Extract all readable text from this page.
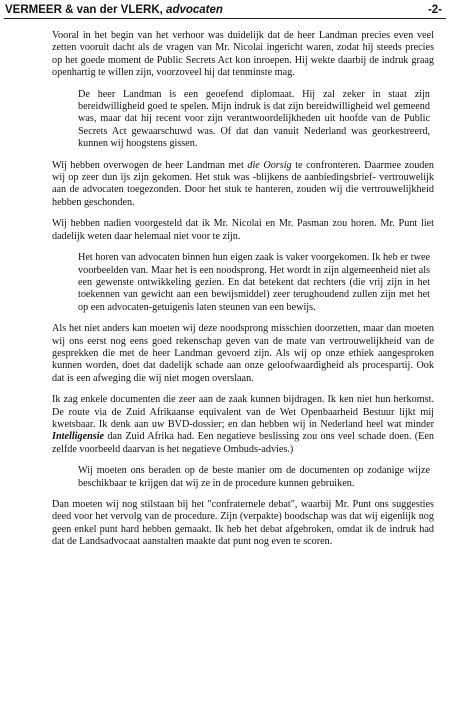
VERMEER & van der VLERK, advocaten	-2-

Vooral in het begin van het verhoor was duidelijk dat de heer Landman precies even veel zetten vooruit dacht als de vragen van Mr. Nicolai ingericht waren, zodat hij steeds precies op het goede moment de Public Secrets Act kon inroepen. Hij wekte daarbij de indruk graag openhartig te willen zijn, voorzoveel hij dat tenminste mag.

De heer Landman is een geoefend diplomaat. Hij zal zeker in staat zijn bereidwilligheid goed te spelen. Mijn indruk is dat zijn bereidwilligheid wel gemeend was, maar dat hij recent voor zijn verantwoordelijkheden uit hoofde van de Public Secrets Act gewaarschuwd was. Of dat dan vanuit Nederland was georkestreerd, kunnen wij hoogstens gissen.

Wij hebben overwogen de heer Landman met die Oorsig te confronteren. Daarmee zouden wij op zeer dun ijs zijn gekomen. Het stuk was -blijkens de aanbiedingsbrief- vertrouwelijk aan de advocaten toegezonden. Door het stuk te hanteren, zouden wij die vertrouwelijkheid hebben geschonden.

Wij hebben nadien voorgesteld dat ik Mr. Nicolai en Mr. Pasman zou horen. Mr. Punt liet dadelijk weten daar helemaal niet voor te zijn.

Het horen van advocaten binnen hun eigen zaak is vaker voorgekomen. Ik heb er twee voorbeelden van. Maar het is een noodsprong. Het wordt in zijn algemeenheid niet als een gewenste ontwikkeling gezien. En dat betekent dat rechters (die vrij zijn in het toekennen van gewicht aan een bewijsmiddel) zeer terughoudend zullen zijn met het op een advocaten-getuigenis laten steunen van een bewijs.

Als het niet anders kan moeten wij deze noodsprong misschien doorzetten, maar dan moeten wij ons eerst nog eens goed rekenschap geven van de mate van vertrouwelijkheid van de gesprekken die met de heer Landman gevoerd zijn. Als wij op onze ethiek aangesproken kunnen worden, doet dat dadelijk schade aan onze geloofwaardigheid als procespartij. Ook dat is een afweging die wij niet mogen overslaan.

Ik zag enkele documenten die zeer aan de zaak kunnen bijdragen. Ik ken niet hun herkomst. De route via de Zuid Afrikaanse equivalent van de Wet Openbaarheid Bestuur lijkt mij kwetsbaar. Ik denk aan uw BVD-dossier; en dan hebben wij in Nederland heel wat minder Intelligensie dan Zuid Afrika had. Een negatieve beslissing zou ons veel schade doen. (Een zelfde voorbeeld daarvan is het negatieve Ombuds-advies.)

Wij moeten ons beraden op de beste manier om de documenten op zodanige wijze beschikbaar te krijgen dat wij ze in de procedure kunnen gebruiken.

Dan moeten wij nog stilstaan bij het "confraternele debat", waarbij Mr. Punt ons suggesties deed voor het vervolg van de procedure. Zijn (verpakte) boodschap was dat wij eigenlijk nog geen enkel punt hard hebben gemaakt. Ik heb het debat afgebroken, omdat ik de indruk had dat de Landsadvocaat aanstalten maakte dat punt nog even te scoren.
